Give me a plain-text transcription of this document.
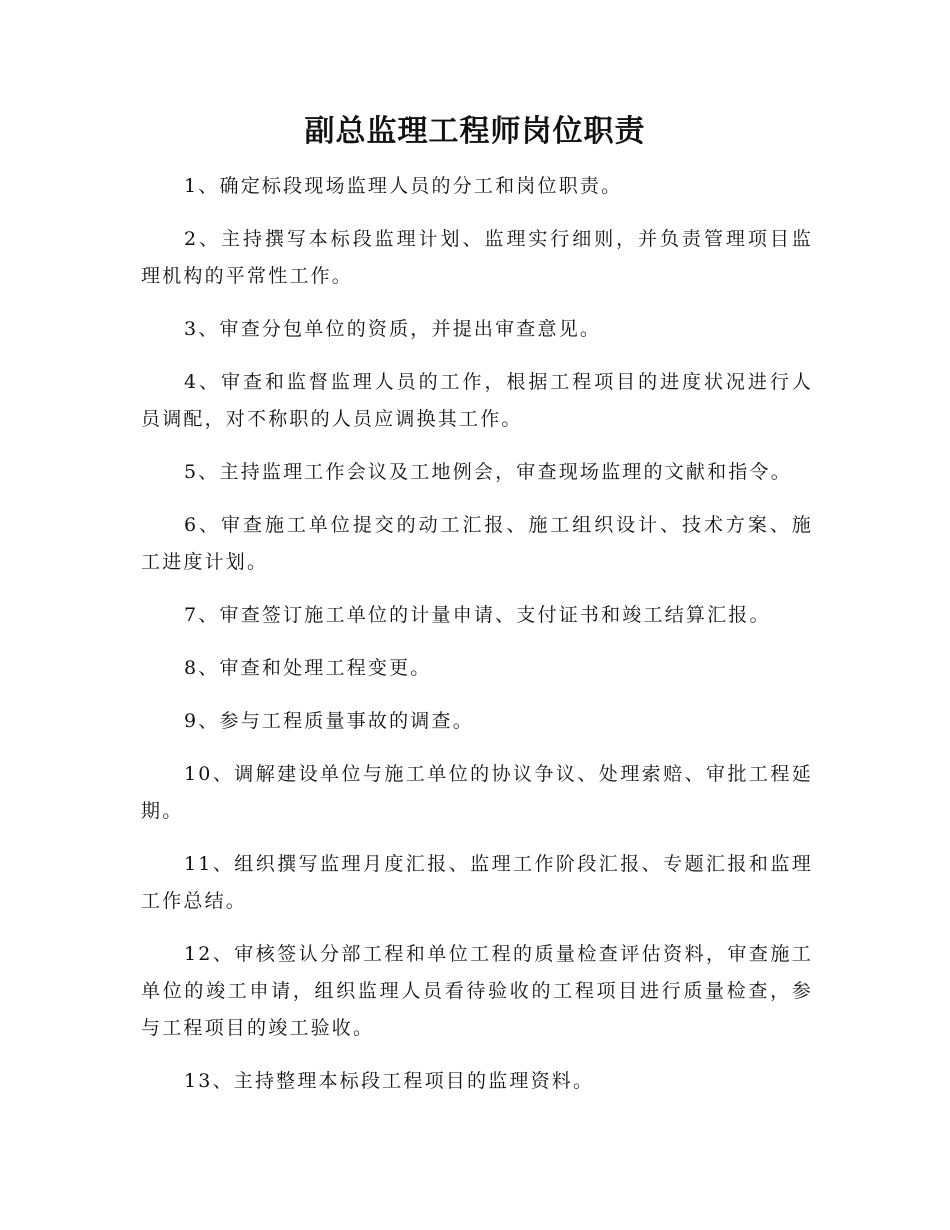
副总监理工程师岗位职责

1、确定标段现场监理人员的分工和岗位职责。

2、主持撰写本标段监理计划、监理实行细则，并负责管理项目监理机构的平常性工作。

3、审查分包单位的资质，并提出审查意见。

4、审查和监督监理人员的工作，根据工程项目的进度状况进行人员调配，对不称职的人员应调换其工作。

5、主持监理工作会议及工地例会，审查现场监理的文献和指令。

6、审查施工单位提交的动工汇报、施工组织设计、技术方案、施工进度计划。

7、审查签订施工单位的计量申请、支付证书和竣工结算汇报。

8、审查和处理工程变更。

9、参与工程质量事故的调查。

10、调解建设单位与施工单位的协议争议、处理索赔、审批工程延期。

11、组织撰写监理月度汇报、监理工作阶段汇报、专题汇报和监理工作总结。

12、审核签认分部工程和单位工程的质量检查评估资料，审查施工单位的竣工申请，组织监理人员看待验收的工程项目进行质量检查，参与工程项目的竣工验收。

13、主持整理本标段工程项目的监理资料。
